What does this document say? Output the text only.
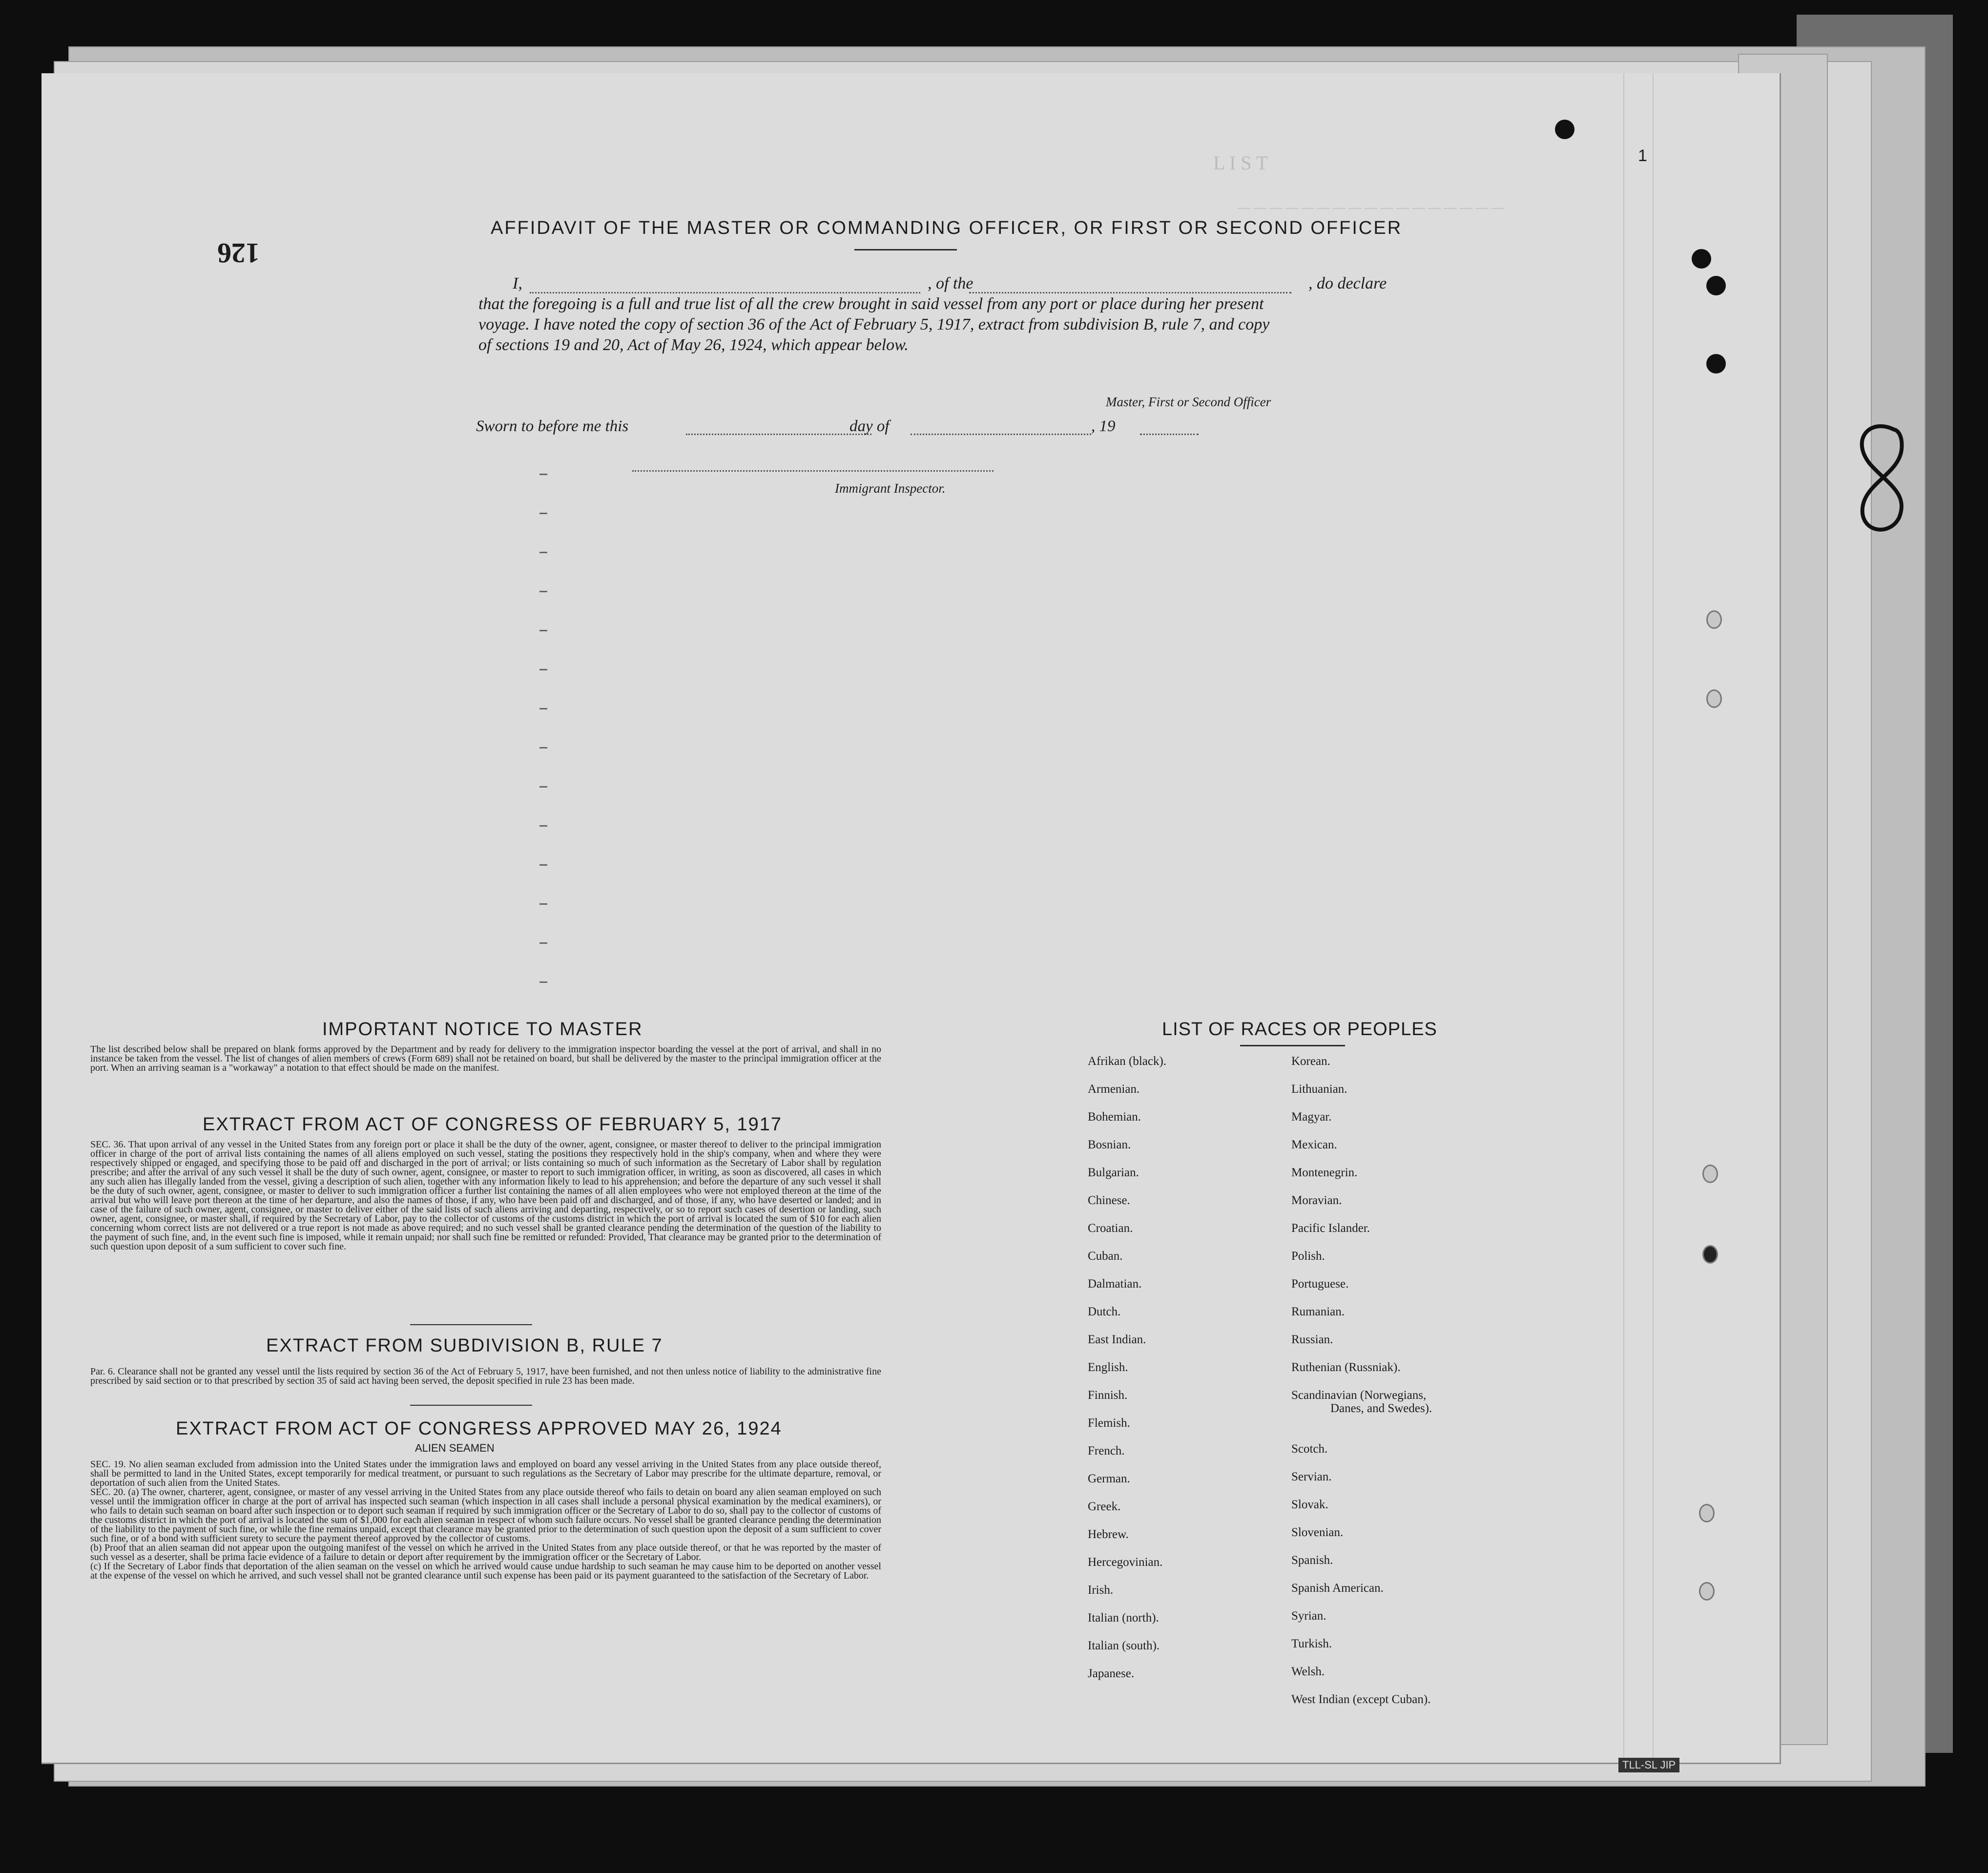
L I S T
— — — — — — — — — — — — — — — — —
1
126
AFFIDAVIT OF THE MASTER OR COMMANDING OFFICER, OR FIRST OR SECOND OFFICER
I,	, of the	, do declare
that the foregoing is a full and true list of all the crew brought in said vessel from any port or place during her present
voyage. I have noted the copy of section 36 of the Act of February 5, 1917, extract from subdivision B, rule 7, and copy
of sections 19 and 20, Act of May 26, 1924, which appear below.
Master, First or Second Officer
Sworn to before me this	day of	, 19
Immigrant Inspector.
IMPORTANT NOTICE TO MASTER
The list described below shall be prepared on blank forms approved by the Department and by ready for delivery to the immigration inspector boarding the vessel at the port of arrival, and shall in no instance be taken from the vessel. The list of changes of alien members of crews (Form 689) shall not be retained on board, but shall be delivered by the master to the principal immigration officer at the port. When an arriving seaman is a "workaway" a notation to that effect should be made on the manifest.
EXTRACT FROM ACT OF CONGRESS OF FEBRUARY 5, 1917
SEC. 36. That upon arrival of any vessel in the United States from any foreign port or place it shall be the duty of the owner, agent, consignee, or master thereof to deliver to the principal immigration officer in charge of the port of arrival lists containing the names of all aliens employed on such vessel, stating the positions they respectively hold in the ship's company, when and where they were respectively shipped or engaged, and specifying those to be paid off and discharged in the port of arrival; or lists containing so much of such information as the Secretary of Labor shall by regulation prescribe; and after the arrival of any such vessel it shall be the duty of such owner, agent, consignee, or master to report to such immigration officer, in writing, as soon as discovered, all cases in which any such alien has illegally landed from the vessel, giving a description of such alien, together with any information likely to lead to his apprehension; and before the departure of any such vessel it shall be the duty of such owner, agent, consignee, or master to deliver to such immigration officer a further list containing the names of all alien employees who were not employed thereon at the time of the arrival but who will leave port thereon at the time of her departure, and also the names of those, if any, who have been paid off and discharged, and of those, if any, who have deserted or landed; and in case of the failure of such owner, agent, consignee, or master to deliver either of the said lists of such aliens arriving and departing, respectively, or so to report such cases of desertion or landing, such owner, agent, consignee, or master shall, if required by the Secretary of Labor, pay to the collector of customs of the customs district in which the port of arrival is located the sum of $10 for each alien concerning whom correct lists are not delivered or a true report is not made as above required; and no such vessel shall be granted clearance pending the determination of the question of the liability to the payment of such fine, and, in the event such fine is imposed, while it remain unpaid; nor shall such fine be remitted or refunded: Provided, That clearance may be granted prior to the determination of such question upon deposit of a sum sufficient to cover such fine.
EXTRACT FROM SUBDIVISION B, RULE 7
Par. 6. Clearance shall not be granted any vessel until the lists required by section 36 of the Act of February 5, 1917, have been furnished, and not then unless notice of liability to the administrative fine prescribed by said section or to that prescribed by section 35 of said act having been served, the deposit specified in rule 23 has been made.
EXTRACT FROM ACT OF CONGRESS APPROVED MAY 26, 1924
ALIEN SEAMEN
SEC. 19. No alien seaman excluded from admission into the United States under the immigration laws and employed on board any vessel arriving in the United States from any place outside thereof, shall be permitted to land in the United States, except temporarily for medical treatment, or pursuant to such regulations as the Secretary of Labor may prescribe for the ultimate departure, removal, or deportation of such alien from the United States.
SEC. 20. (a) The owner, charterer, agent, consignee, or master of any vessel arriving in the United States from any place outside thereof who fails to detain on board any alien seaman employed on such vessel until the immigration officer in charge at the port of arrival has inspected such seaman (which inspection in all cases shall include a personal physical examination by the medical examiners), or who fails to detain such seaman on board after such inspection or to deport such seaman if required by such immigration officer or the Secretary of Labor to do so, shall pay to the collector of customs of the customs district in which the port of arrival is located the sum of $1,000 for each alien seaman in respect of whom such failure occurs. No vessel shall be granted clearance pending the determination of the liability to the payment of such fine, or while the fine remains unpaid, except that clearance may be granted prior to the determination of such question upon the deposit of a sum sufficient to cover such fine, or of a bond with sufficient surety to secure the payment thereof approved by the collector of customs.
(b) Proof that an alien seaman did not appear upon the outgoing manifest of the vessel on which he arrived in the United States from any place outside thereof, or that he was reported by the master of such vessel as a deserter, shall be prima facie evidence of a failure to detain or deport after requirement by the immigration officer or the Secretary of Labor.
(c) If the Secretary of Labor finds that deportation of the alien seaman on the vessel on which he arrived would cause undue hardship to such seaman he may cause him to be deported on another vessel at the expense of the vessel on which he arrived, and such vessel shall not be granted clearance until such expense has been paid or its payment guaranteed to the satisfaction of the Secretary of Labor.
LIST OF RACES OR PEOPLES
Afrikan (black).
Armenian.
Bohemian.
Bosnian.
Bulgarian.
Chinese.
Croatian.
Cuban.
Dalmatian.
Dutch.
East Indian.
English.
Finnish.
Flemish.
French.
German.
Greek.
Hebrew.
Hercegovinian.
Irish.
Italian (north).
Italian (south).
Japanese.
Korean.
Lithuanian.
Magyar.
Mexican.
Montenegrin.
Moravian.
Pacific Islander.
Polish.
Portuguese.
Rumanian.
Russian.
Ruthenian (Russniak).
Scandinavian (Norwegians,
Danes, and Swedes).
Scotch.
Servian.
Slovak.
Slovenian.
Spanish.
Spanish American.
Syrian.
Turkish.
Welsh.
West Indian (except Cuban).
TLL-SL JIP
